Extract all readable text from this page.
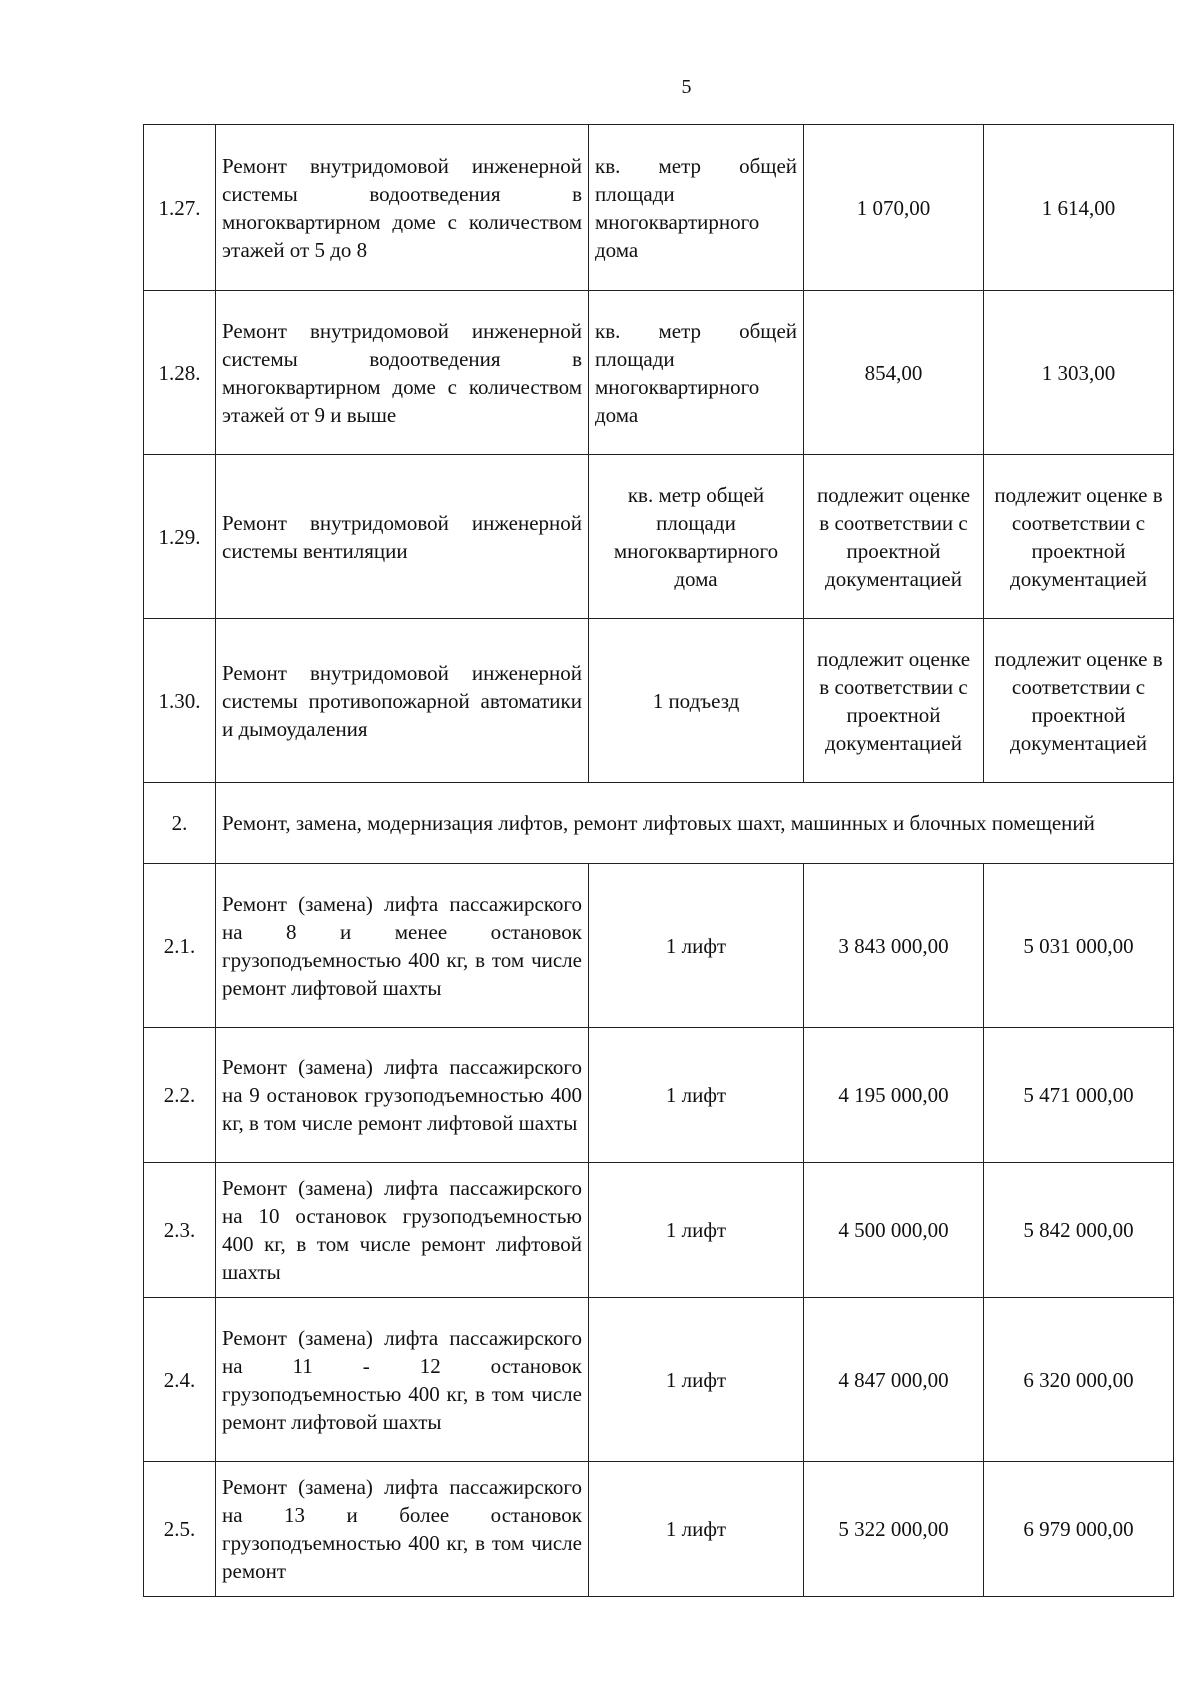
5
1.27.	Ремонт внутридомовой инженерной системы водоотведения в многоквартирном доме с количеством этажей от 5 до 8	кв. метр общей площади многоквартирного дома	1 070,00	1 614,00
1.28.	Ремонт внутридомовой инженерной системы водоотведения в многоквартирном доме с количеством этажей от 9 и выше	кв. метр общей площади многоквартирного дома	854,00	1 303,00
1.29.	Ремонт внутридомовой инженерной системы вентиляции	кв. метр общей площади многоквартирного дома	подлежит оценке в соответствии с проектной документацией	подлежит оценке в соответствии с проектной документацией

1.30.	Ремонт внутридомовой инженерной системы противопожарной автоматики и дымоудаления	1 подъезд	подлежит оценке в соответствии с проектной документацией	подлежит оценке в соответствии с проектной документацией

2.	Ремонт, замена, модернизация лифтов, ремонт лифтовых шахт, машинных и блочных помещений			
2.1.	Ремонт (замена) лифта пассажирского на 8 и менее остановок грузоподъемностью 400 кг, в том числе ремонт лифтовой шахты	1 лифт	3 843 000,00	5 031 000,00
2.2.	Ремонт (замена) лифта пассажирского на 9 остановок грузоподъемностью 400 кг, в том числе ремонт лифтовой шахты	1 лифт	4 195 000,00	5 471 000,00
2.3.	Ремонт (замена) лифта пассажирского на 10 остановок грузоподъемностью 400 кг, в том числе ремонт лифтовой шахты	1 лифт	4 500 000,00	5 842 000,00
2.4.	Ремонт (замена) лифта пассажирского на 11 - 12 остановок грузоподъемностью 400 кг, в том числе ремонт лифтовой шахты	1 лифт	4 847 000,00	6 320 000,00
2.5.	Ремонт (замена) лифта пассажирского на 13 и более остановок грузоподъемностью 400 кг, в том числе ремонт	1 лифт	5 322 000,00	6 979 000,00
